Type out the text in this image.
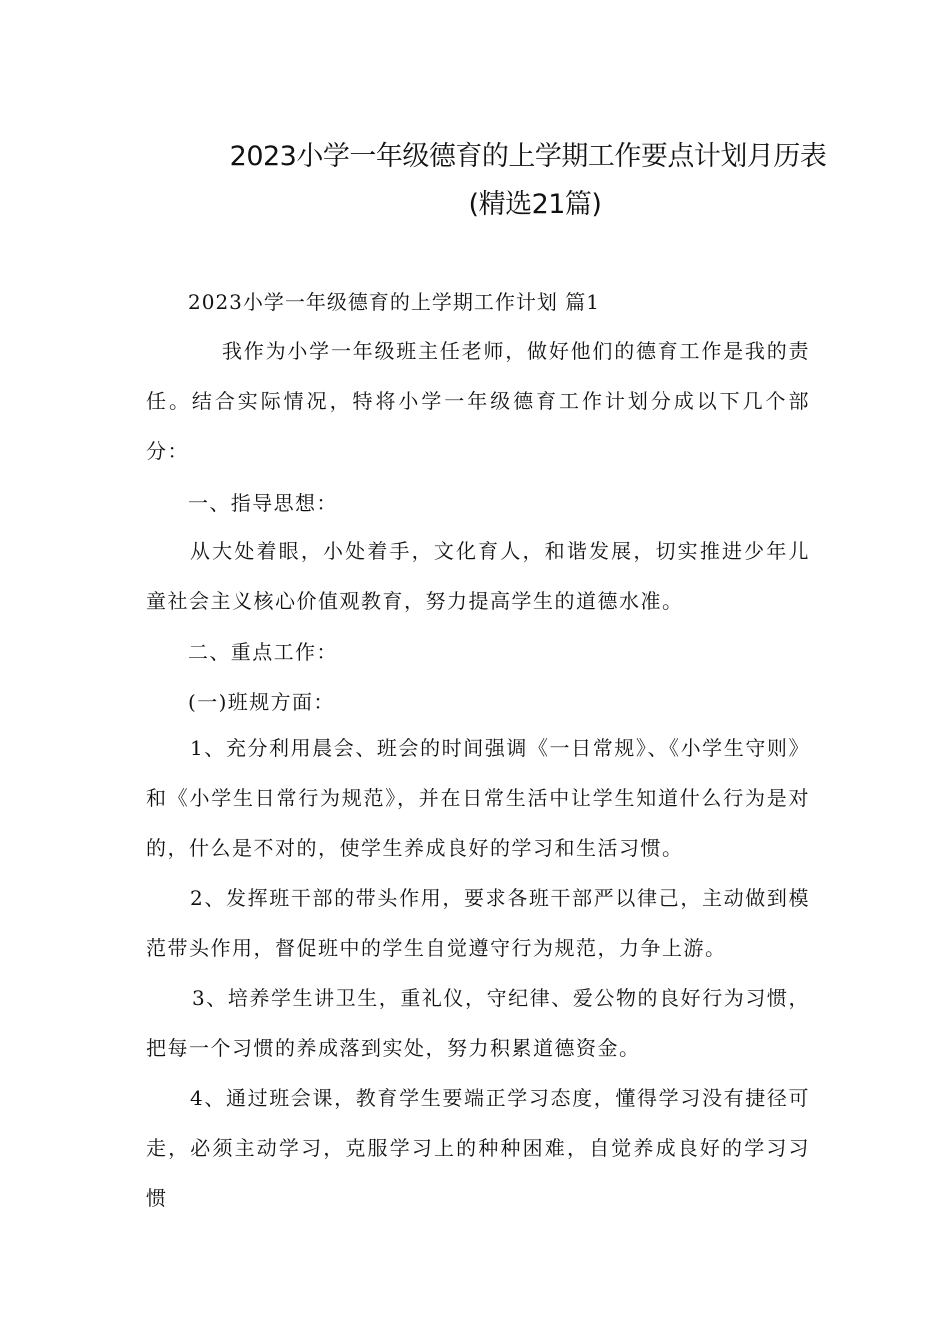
2023小学一年级德育的上学期工作要点计划月历表
(精选21篇)
2023小学一年级德育的上学期工作计划 篇1
我作为小学一年级班主任老师，做好他们的德育工作是我的责任。结合实际情况，特将小学一年级德育工作计划分成以下几个部分：
一、指导思想：
从大处着眼，小处着手，文化育人，和谐发展，切实推进少年儿童社会主义核心价值观教育，努力提高学生的道德水准。
二、重点工作：
(一)班规方面：
1、充分利用晨会、班会的时间强调《一日常规》、《小学生守则》和《小学生日常行为规范》，并在日常生活中让学生知道什么行为是对的，什么是不对的，使学生养成良好的学习和生活习惯。
2、发挥班干部的带头作用，要求各班干部严以律己，主动做到模范带头作用，督促班中的学生自觉遵守行为规范，力争上游。
3、培养学生讲卫生，重礼仪，守纪律、爱公物的良好行为习惯，把每一个习惯的养成落到实处，努力积累道德资金。
4、通过班会课，教育学生要端正学习态度，懂得学习没有捷径可走，必须主动学习，克服学习上的种种困难，自觉养成良好的学习习惯
